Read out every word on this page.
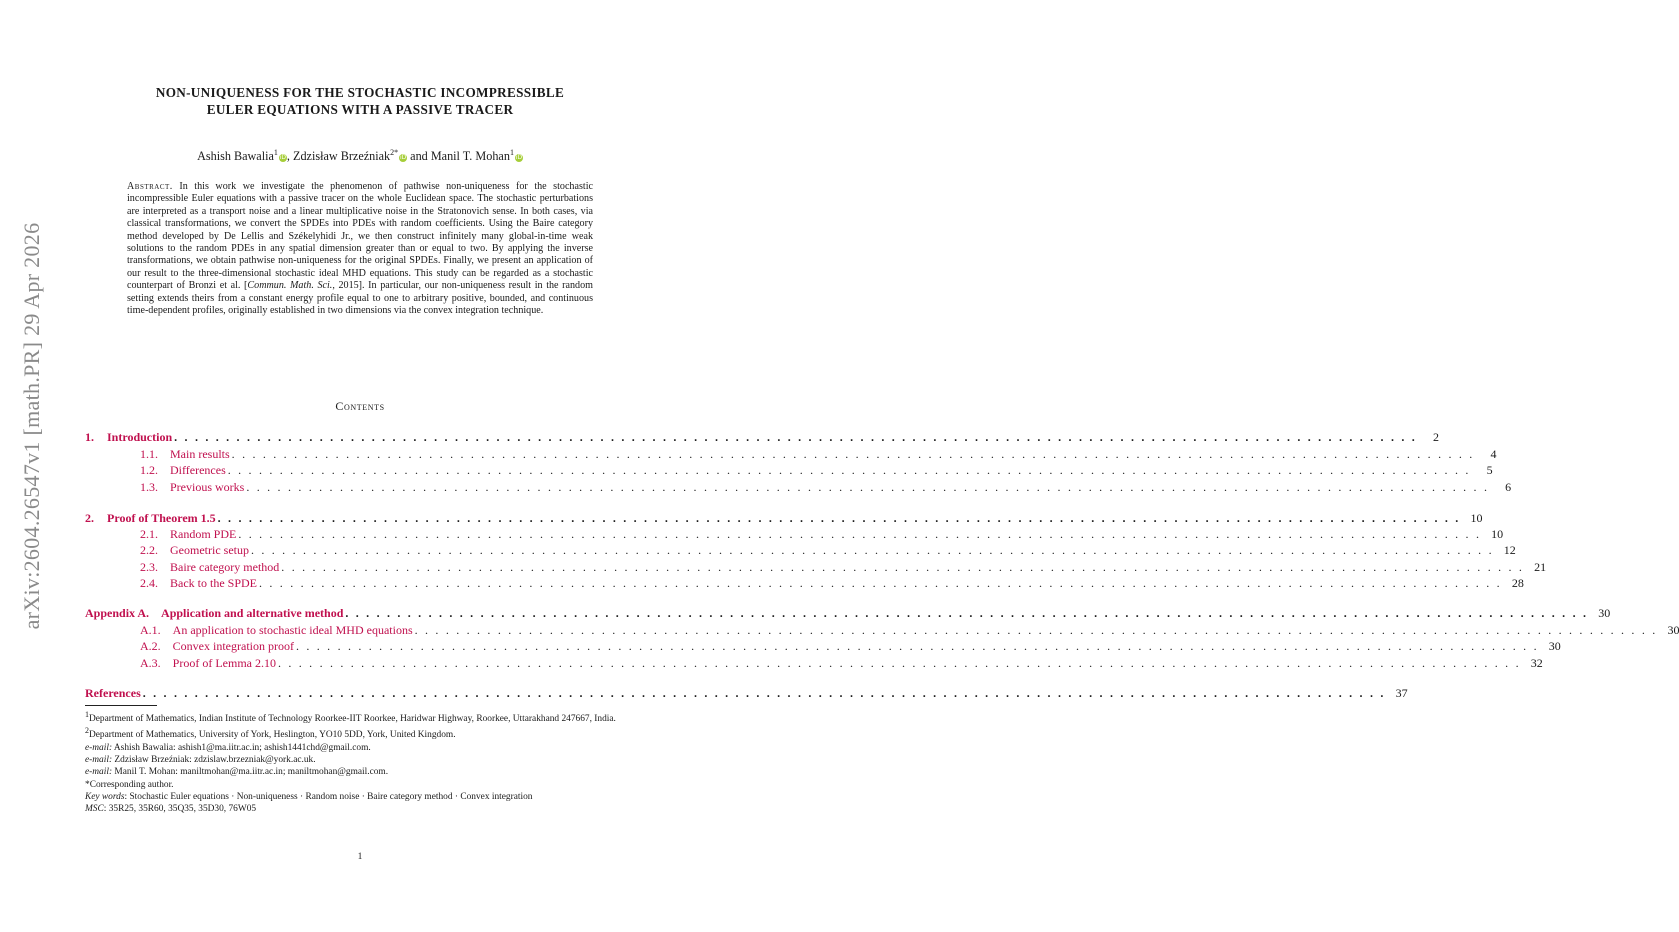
arXiv:2604.26547v1 [math.PR] 29 Apr 2026
NON-UNIQUENESS FOR THE STOCHASTIC INCOMPRESSIBLE
EULER EQUATIONS WITH A PASSIVE TRACER
Ashish Bawalia$^1$iD, Zdzisław Brzeźniak$^{2*}$iD and Manil T. Mohan$^1$iD
Abstract. In this work we investigate the phenomenon of pathwise non-uniqueness for the stochastic incompressible Euler equations with a passive tracer on the whole Euclidean space. The stochastic perturbations are interpreted as a transport noise and a linear multiplicative noise in the Stratonovich sense. In both cases, via classical transformations, we convert the SPDEs into PDEs with random coefficients. Using the Baire category method developed by De Lellis and Székelyhidi Jr., we then construct infinitely many global-in-time weak solutions to the random PDEs in any spatial dimension greater than or equal to two. By applying the inverse transformations, we obtain pathwise non-uniqueness for the original SPDEs. Finally, we present an application of our result to the three-dimensional stochastic ideal MHD equations. This study can be regarded as a stochastic counterpart of Bronzi et al. [Commun. Math. Sci., 2015]. In particular, our non-uniqueness result in the random setting extends theirs from a constant energy profile equal to one to arbitrary positive, bounded, and continuous time-dependent profiles, originally established in two dimensions via the convex integration technique.
Contents
1. Introduction . . . . . . . . . . . . . . . . . . . . . . . . . . . . . . . . . . . . . . . . . . . . . . . . . . . . . . . . . . . . . . . . . . . . . . . . . . . . . . . . . . . . . . . . . . . . . . . . . . . . . . . . . . . . . . . . . . . . . . . .	2
1.1. Main results . . . . . . . . . . . . . . . . . . . . . . . . . . . . . . . . . . . . . . . . . . . . . . . . . . . . . . . . . . . . . . . . . . . . . . . . . . . . . . . . . . . . . . . . . . . . . . . . . . . . . . . . . . . . . . . . . . . . . . . .	4
1.2. Differences . . . . . . . . . . . . . . . . . . . . . . . . . . . . . . . . . . . . . . . . . . . . . . . . . . . . . . . . . . . . . . . . . . . . . . . . . . . . . . . . . . . . . . . . . . . . . . . . . . . . . . . . . . . . . . . . . . . . . . . .	5
1.3. Previous works . . . . . . . . . . . . . . . . . . . . . . . . . . . . . . . . . . . . . . . . . . . . . . . . . . . . . . . . . . . . . . . . . . . . . . . . . . . . . . . . . . . . . . . . . . . . . . . . . . . . . . . . . . . . . . . . . . . . . . . .	6
2. Proof of Theorem 1.5 . . . . . . . . . . . . . . . . . . . . . . . . . . . . . . . . . . . . . . . . . . . . . . . . . . . . . . . . . . . . . . . . . . . . . . . . . . . . . . . . . . . . . . . . . . . . . . . . . . . . . . . . . . . . . . . . . . . . . . . . 10
2.1. Random PDE . . . . . . . . . . . . . . . . . . . . . . . . . . . . . . . . . . . . . . . . . . . . . . . . . . . . . . . . . . . . . . . . . . . . . . . . . . . . . . . . . . . . . . . . . . . . . . . . . . . . . . . . . . . . . . . . . . . . . . . . 10
2.2. Geometric setup . . . . . . . . . . . . . . . . . . . . . . . . . . . . . . . . . . . . . . . . . . . . . . . . . . . . . . . . . . . . . . . . . . . . . . . . . . . . . . . . . . . . . . . . . . . . . . . . . . . . . . . . . . . . . . . . . . . . . . . . 12
2.3. Baire category method . . . . . . . . . . . . . . . . . . . . . . . . . . . . . . . . . . . . . . . . . . . . . . . . . . . . . . . . . . . . . . . . . . . . . . . . . . . . . . . . . . . . . . . . . . . . . . . . . . . . . . . . . . . . . . . . . . . . . . . . 21
2.4. Back to the SPDE . . . . . . . . . . . . . . . . . . . . . . . . . . . . . . . . . . . . . . . . . . . . . . . . . . . . . . . . . . . . . . . . . . . . . . . . . . . . . . . . . . . . . . . . . . . . . . . . . . . . . . . . . . . . . . . . . . . . . . . . 28
Appendix A. Application and alternative method . . . . . . . . . . . . . . . . . . . . . . . . . . . . . . . . . . . . . . . . . . . . . . . . . . . . . . . . . . . . . . . . . . . . . . . . . . . . . . . . . . . . . . . . . . . . . . . . . . . . . . . . . . . . . . . . . . . . . . . . 30
A.1. An application to stochastic ideal MHD equations . . . . . . . . . . . . . . . . . . . . . . . . . . . . . . . . . . . . . . . . . . . . . . . . . . . . . . . . . . . . . . . . . . . . . . . . . . . . . . . . . . . . . . . . . . . . . . . . . . . . . . . . . . . . . . . . . . . . . . . . 30
A.2. Convex integration proof . . . . . . . . . . . . . . . . . . . . . . . . . . . . . . . . . . . . . . . . . . . . . . . . . . . . . . . . . . . . . . . . . . . . . . . . . . . . . . . . . . . . . . . . . . . . . . . . . . . . . . . . . . . . . . . . . . . . . . . . 30
A.3. Proof of Lemma 2.10 . . . . . . . . . . . . . . . . . . . . . . . . . . . . . . . . . . . . . . . . . . . . . . . . . . . . . . . . . . . . . . . . . . . . . . . . . . . . . . . . . . . . . . . . . . . . . . . . . . . . . . . . . . . . . . . . . . . . . . . . 32
References . . . . . . . . . . . . . . . . . . . . . . . . . . . . . . . . . . . . . . . . . . . . . . . . . . . . . . . . . . . . . . . . . . . . . . . . . . . . . . . . . . . . . . . . . . . . . . . . . . . . . . . . . . . . . . . . . . . . . . . . 37
$^1$Department of Mathematics, Indian Institute of Technology Roorkee-IIT Roorkee, Haridwar Highway, Roorkee, Uttarakhand 247667, India.
$^2$Department of Mathematics, University of York, Heslington, YO10 5DD, York, United Kingdom.
e-mail: Ashish Bawalia: ashish1@ma.iitr.ac.in; ashish1441chd@gmail.com.
e-mail: Zdzisław Brzeźniak: zdzislaw.brzezniak@york.ac.uk.
e-mail: Manil T. Mohan: maniltmohan@ma.iitr.ac.in; maniltmohan@gmail.com.
*Corresponding author.
Key words: Stochastic Euler equations · Non-uniqueness · Random noise · Baire category method · Convex integration
MSC: 35R25, 35R60, 35Q35, 35D30, 76W05
1
